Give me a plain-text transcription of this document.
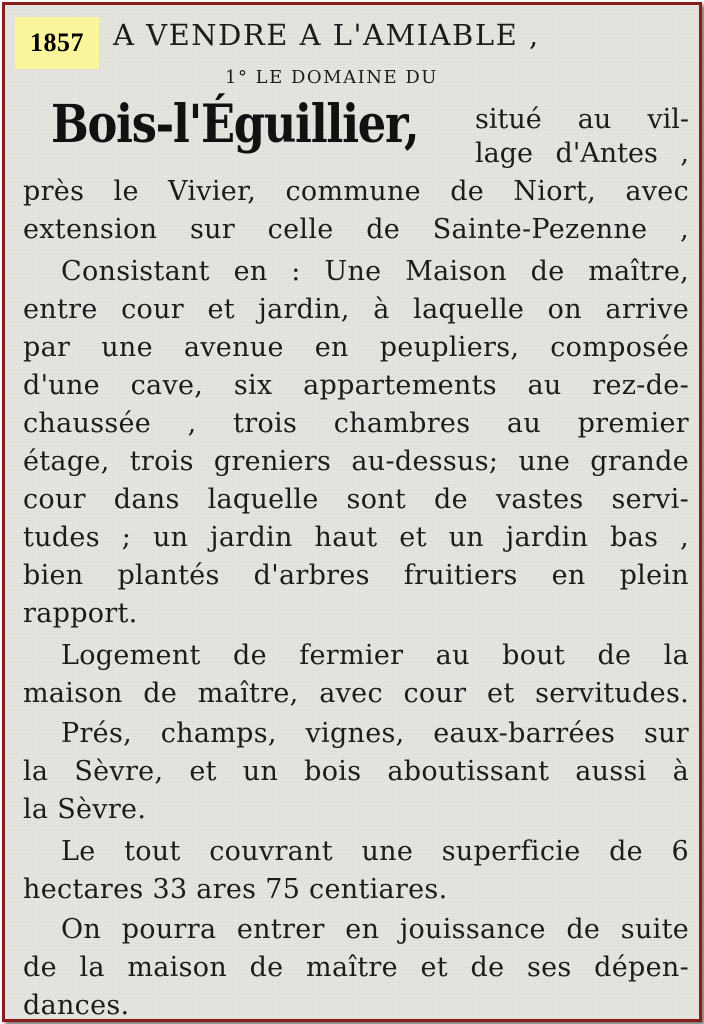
1857	A VENDRE A L'AMIABLE ,
1° LE DOMAINE DU
Bois-l'Éguillier, situé au vil-
lage d'Antes ,
près le Vivier, commune de Niort, avec
extension sur celle de Sainte-Pezenne ,
Consistant en : Une Maison de maître,
entre cour et jardin, à laquelle on arrive
par une avenue en peupliers, composée
d'une cave, six appartements au rez-de-
chaussée , trois chambres au premier
étage, trois greniers au-dessus; une grande
cour dans laquelle sont de vastes servi-
tudes ; un jardin haut et un jardin bas ,
bien plantés d'arbres fruitiers en plein
rapport.
Logement de fermier au bout de la
maison de maître, avec cour et servitudes.
Prés, champs, vignes, eaux-barrées sur
la Sèvre, et un bois aboutissant aussi à
la Sèvre.
Le tout couvrant une superficie de 6
hectares 33 ares 75 centiares.
On pourra entrer en jouissance de suite
de la maison de maître et de ses dépen-
dances.
